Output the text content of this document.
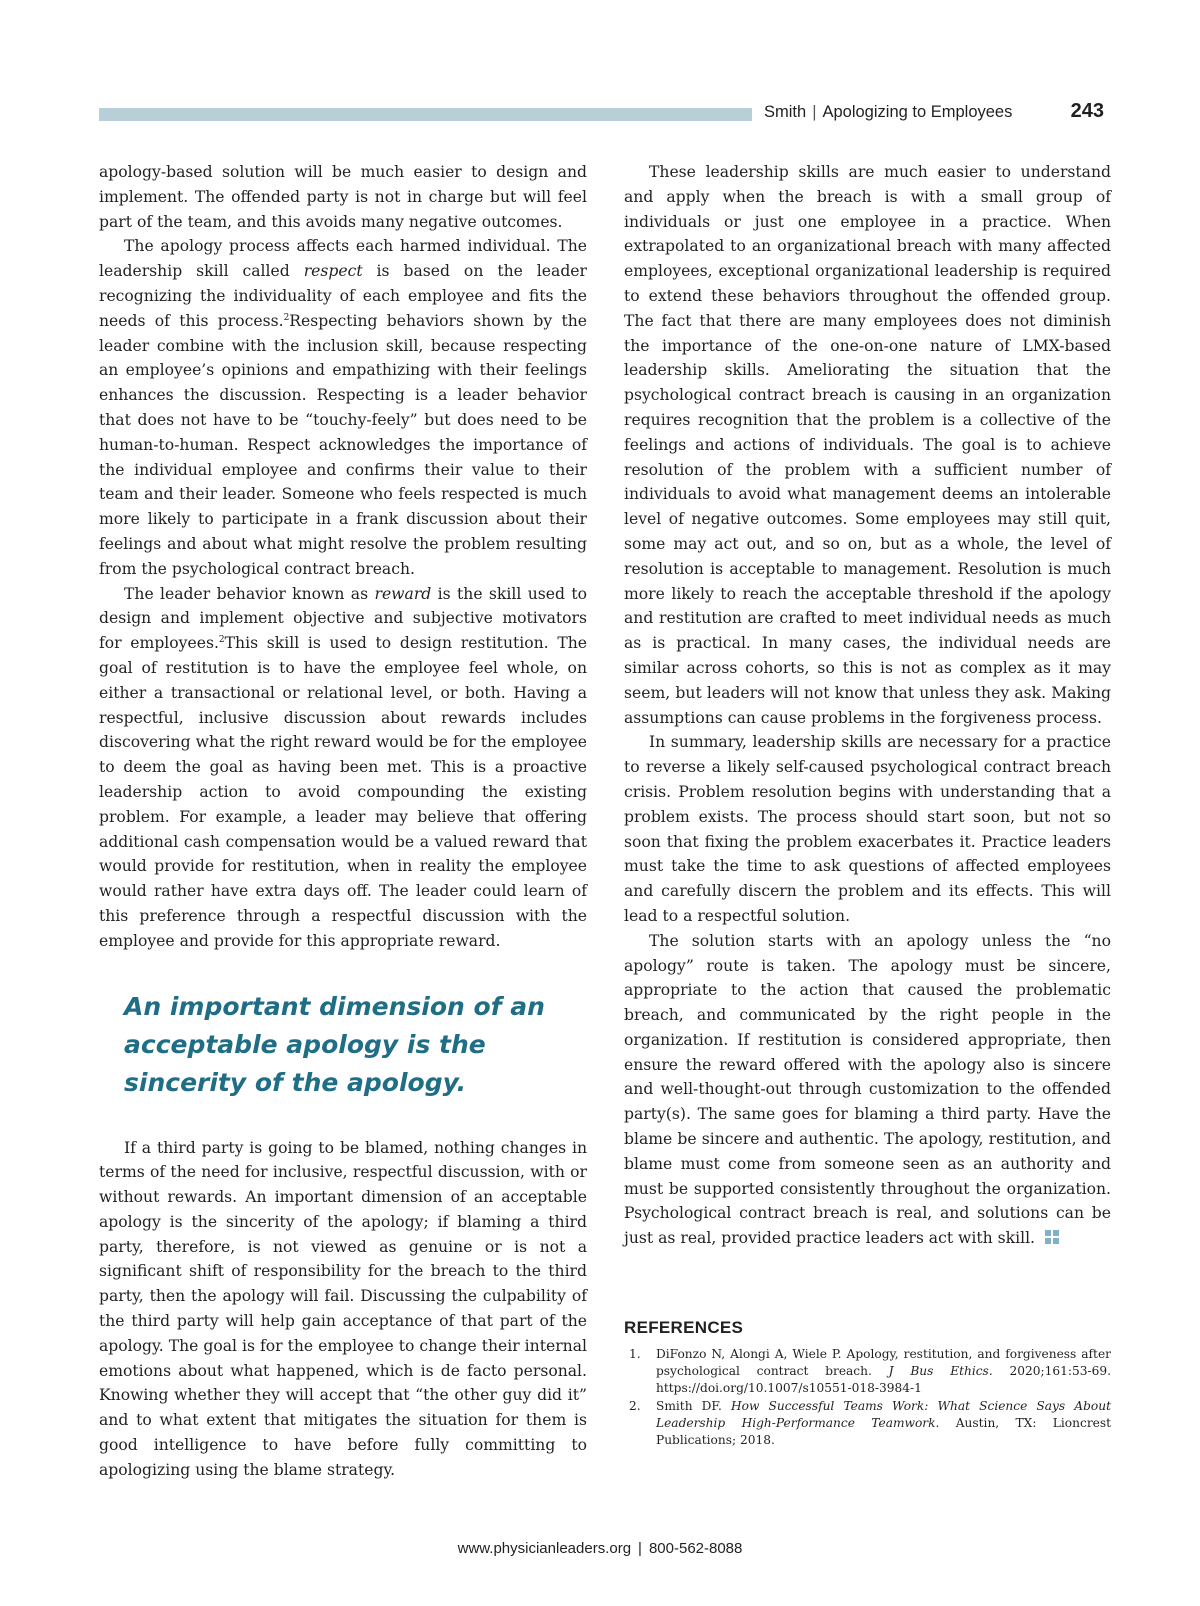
Smith | Apologizing to Employees	243

apology-based solution will be much easier to design and implement. The offended party is not in charge but will feel part of the team, and this avoids many negative outcomes.

The apology process affects each harmed individual. The leadership skill called respect is based on the leader recognizing the individuality of each employee and fits the needs of this process.$^2$Respecting behaviors shown by the leader combine with the inclusion skill, because respecting an employee’s opinions and empathizing with their feelings enhances the discussion. Respecting is a leader behavior that does not have to be “touchy-feely” but does need to be human-to-human. Respect acknowledges the importance of the individual employee and confirms their value to their team and their leader. Someone who feels respected is much more likely to participate in a frank discussion about their feelings and about what might resolve the problem resulting from the psychological contract breach.

The leader behavior known as reward is the skill used to design and implement objective and subjective motivators for employees.$^2$This skill is used to design restitution. The goal of restitution is to have the employee feel whole, on either a transactional or relational level, or both. Having a respectful, inclusive discussion about rewards includes discovering what the right reward would be for the employee to deem the goal as having been met. This is a proactive leadership action to avoid compounding the existing problem. For example, a leader may believe that offering additional cash compensation would be a valued reward that would provide for restitution, when in reality the employee would rather have extra days off. The leader could learn of this preference through a respectful discussion with the employee and provide for this appropriate reward.

An important dimension of an acceptable apology is the sincerity of the apology.

If a third party is going to be blamed, nothing changes in terms of the need for inclusive, respectful discussion, with or without rewards. An important dimension of an acceptable apology is the sincerity of the apology; if blaming a third party, therefore, is not viewed as genuine or is not a significant shift of responsibility for the breach to the third party, then the apology will fail. Discussing the culpability of the third party will help gain acceptance of that part of the apology. The goal is for the employee to change their internal emotions about what happened, which is de facto personal. Knowing whether they will accept that “the other guy did it” and to what extent that mitigates the situation for them is good intelligence to have before fully committing to apologizing using the blame strategy.

These leadership skills are much easier to understand and apply when the breach is with a small group of individuals or just one employee in a practice. When extrapolated to an organizational breach with many affected employees, exceptional organizational leadership is required to extend these behaviors throughout the offended group. The fact that there are many employees does not diminish the importance of the one-on-one nature of LMX-based leadership skills. Ameliorating the situation that the psychological contract breach is causing in an organization requires recognition that the problem is a collective of the feelings and actions of individuals. The goal is to achieve resolution of the problem with a sufficient number of individuals to avoid what management deems an intolerable level of negative outcomes. Some employees may still quit, some may act out, and so on, but as a whole, the level of resolution is acceptable to management. Resolution is much more likely to reach the acceptable threshold if the apology and restitution are crafted to meet individual needs as much as is practical. In many cases, the individual needs are similar across cohorts, so this is not as complex as it may seem, but leaders will not know that unless they ask. Making assumptions can cause problems in the forgiveness process.

In summary, leadership skills are necessary for a practice to reverse a likely self-caused psychological contract breach crisis. Problem resolution begins with understanding that a problem exists. The process should start soon, but not so soon that fixing the problem exacerbates it. Practice leaders must take the time to ask questions of affected employees and carefully discern the problem and its effects. This will lead to a respectful solution.

The solution starts with an apology unless the “no apology” route is taken. The apology must be sincere, appropriate to the action that caused the problematic breach, and communicated by the right people in the organization. If restitution is considered appropriate, then ensure the reward offered with the apology also is sincere and well-thought-out through customization to the offended party(s). The same goes for blaming a third party. Have the blame be sincere and authentic. The apology, restitution, and blame must come from someone seen as an authority and must be supported consistently throughout the organization. Psychological contract breach is real, and solutions can be just as real, provided practice leaders act with skill.

REFERENCES
1. DiFonzo N, Alongi A, Wiele P. Apology, restitution, and forgiveness after psychological contract breach. J Bus Ethics. 2020;161:53-69. https://doi.org/10.1007/s10551-018-3984-1
2. Smith DF. How Successful Teams Work: What Science Says About Leadership High-Performance Teamwork. Austin, TX: Lioncrest Publications; 2018.
www.physicianleaders.org | 800-562-8088
